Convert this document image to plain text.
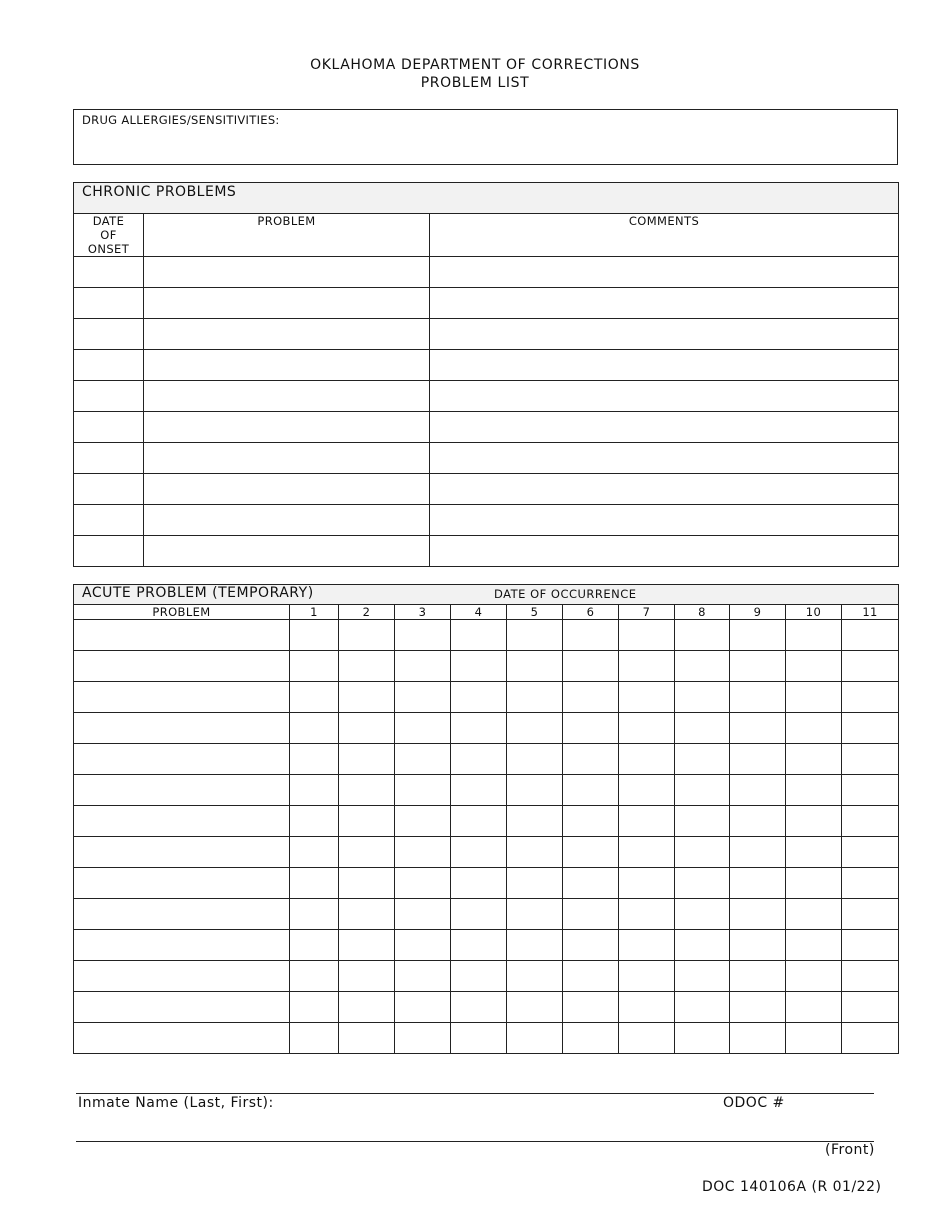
OKLAHOMA DEPARTMENT OF CORRECTIONS
PROBLEM LIST
DRUG ALLERGIES/SENSITIVITIES:
CHRONIC PROBLEMS		

DATE
OF
ONSET	PROBLEM	COMMENTS

ACUTE PROBLEM (TEMPORARY) DATE OF OCCURRENCE											

PROBLEM	1	2	3	4	5	6	7	8	9	10	11

Inmate Name (Last, First):	ODOC #
(Front)
DOC 140106A (R 01/22)
